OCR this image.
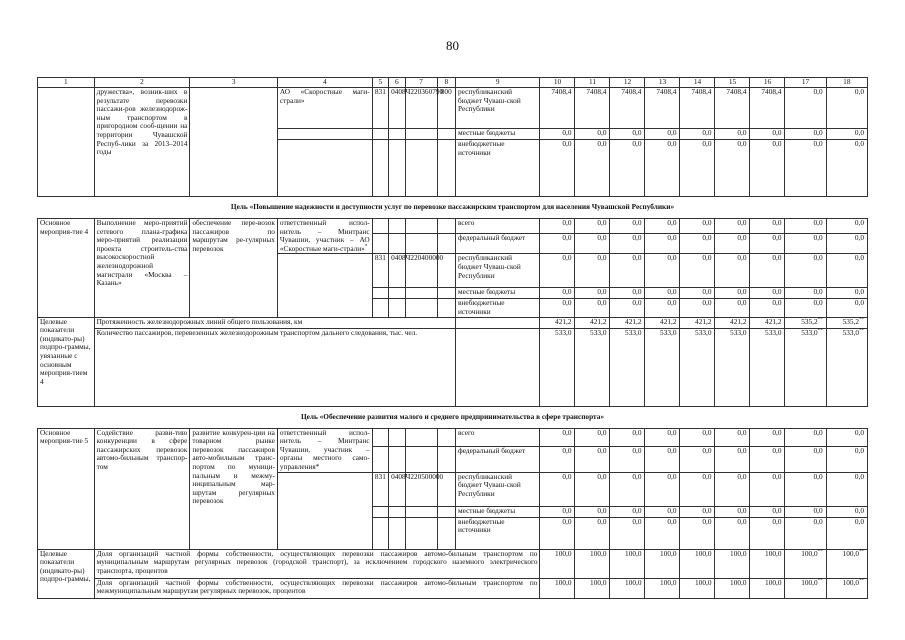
80
1	2	3	4	5	6	7	8	9	10	11	12	13	14	15	16	17	18
	дружества», возник-ших в результате перевозки пассажи-ров железнодорож-ным транспортом в пригородном сооб-щении на территории Чувашской Респуб-лики за 2013–2014 годы		АО «Скоростные маги-страли»	831	0408	Ч220360790	800	республиканский бюджет Чуваш-ской Республики	7408,4	7408,4	7408,4	7408,4	7408,4	7408,4	7408,4	0,0	0,0
								местные бюджеты	0,0	0,0	0,0	0,0	0,0	0,0	0,0	0,0	0,0
								внебюджетные источники	0,0	0,0	0,0	0,0	0,0	0,0	0,0	0,0	0,0
Цель «Повышение надежности и доступности услуг по перевозке пассажирским транспортом для населения Чувашской Республики»																	
Основное мероприя-тие 4	Выполнение меро-приятий сетевого плана-графика меро-приятий реализации проекта строитель-ства высокоскоростной железнодорожной магистрали «Москва – Казань»	обеспечение пере-возок пассажиров по маршрутам ре-гулярных перевозок	ответственный испол-нитель – Минтранс Чувашии, участник – АО «Скоростные маги-страли»*					всего	0,0	0,0	0,0	0,0	0,0	0,0	0,0	0,0	0,0
								федеральный бюджет	0,0	0,0	0,0	0,0	0,0	0,0	0,0	0,0	0,0
				831	0408	Ч220400000		республиканский бюджет Чуваш-ской Республики	0,0	0,0	0,0	0,0	0,0	0,0	0,0	0,0	0,0
								местные бюджеты	0,0	0,0	0,0	0,0	0,0	0,0	0,0	0,0	0,0
								внебюджетные источники	0,0	0,0	0,0	0,0	0,0	0,0	0,0	0,0	0,0
Целевые показатели (индикато-ры) подпро-граммы, увязанные с основным мероприя-тием 4	Протяженность железнодорожных линий общего пользования, км								421,2	421,2	421,2	421,2	421,2	421,2	421,2	535,2**	535,2**
	Количество пассажиров, перевезенных железнодорожным транспортом дальнего следования, тыс. чел.								533,0	533,0	533,0	533,0	533,0	533,0	533,0	533,0**	533,0**
Цель «Обеспечение развития малого и среднего предпринимательства в сфере транспорта»																	
Основное мероприя-тие 5	Содействие разви-тию конкуренции в сфере пассажирских перевозок автомо-бильным транспор-том	развитие конкурен-ции на товарном рынке перевозок пассажиров авто-мобильным транс-портом по муници-пальным и межму-ниципальным мар-шрутам регулярных перевозок	ответственный испол-нитель – Минтранс Чувашии, участник – органы местного само-управления*					всего	0,0	0,0	0,0	0,0	0,0	0,0	0,0	0,0	0,0
								федеральный бюджет	0,0	0,0	0,0	0,0	0,0	0,0	0,0	0,0	0,0
				831	0408	Ч220500000		республиканский бюджет Чуваш-ской Республики	0,0	0,0	0,0	0,0	0,0	0,0	0,0	0,0	0,0
								местные бюджеты	0,0	0,0	0,0	0,0	0,0	0,0	0,0	0,0	0,0
								внебюджетные источники	0,0	0,0	0,0	0,0	0,0	0,0	0,0	0,0	0,0
Целевые показатели (индикато-ры) подпро-граммы,	Доля организаций частной формы собственности, осуществляющих перевозки пассажиров автомо-бильным транспортом по муниципальным маршрутам регулярных перевозок (городской транспорт), за исключением городского наземного электрического транспорта, процентов								100,0	100,0	100,0	100,0	100,0	100,0	100,0	100,0**	100,0**
	Доля организаций частной формы собственности, осуществляющих перевозки пассажиров автомо-бильным транспортом по межмуниципальным маршрутам регулярных перевозок, процентов								100,0	100,0	100,0	100,0	100,0	100,0	100,0	100,0**	100,0**
